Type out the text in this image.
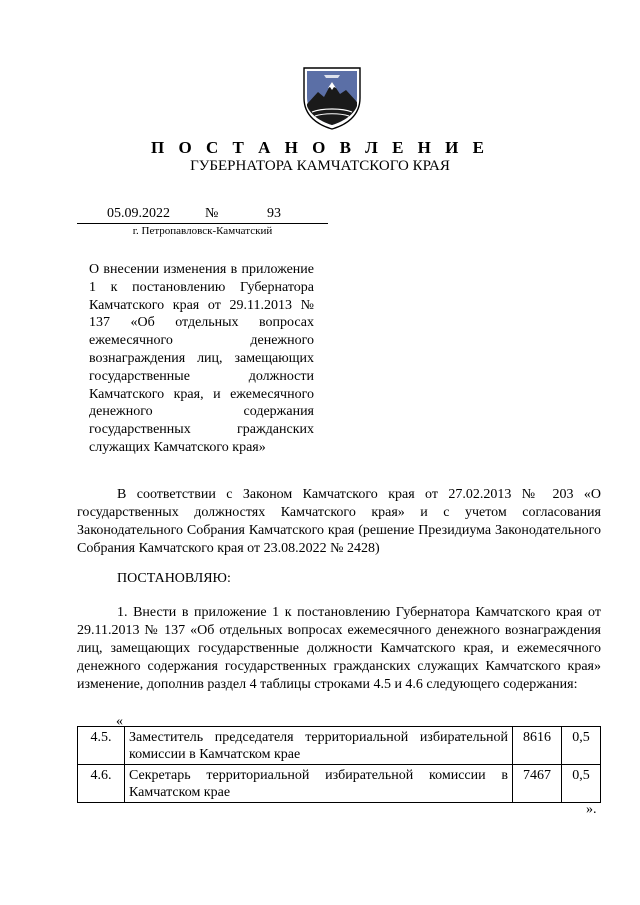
П О С Т А Н О В Л Е Н И Е
ГУБЕРНАТОРА КАМЧАТСКОГО КРАЯ
05.09.2022	№	93
г. Петропавловск-Камчатский
О внесении изменения в приложение 1 к постановлению Губернатора Камчатского края от 29.11.2013 № 137 «Об отдельных вопросах ежемесячного денежного вознаграждения лиц, замещающих государственные должности Камчатского края, и ежемесячного денежного содержания государственных гражданских служащих Камчатского края»
В соответствии с Законом Камчатского края от 27.02.2013 № 203 «О государственных должностях Камчатского края» и с учетом согласования Законодательного Собрания Камчатского края (решение Президиума Законодательного Собрания Камчатского края от 23.08.2022 № 2428)
ПОСТАНОВЛЯЮ:
1. Внести в приложение 1 к постановлению Губернатора Камчатского края от 29.11.2013 № 137 «Об отдельных вопросах ежемесячного денежного вознаграждения лиц, замещающих государственные должности Камчатского края, и ежемесячного денежного содержания государственных гражданских служащих Камчатского края» изменение, дополнив раздел 4 таблицы строками 4.5 и 4.6 следующего содержания:
«
4.5.	Заместитель председателя территориальной избирательной комиссии в Камчатском крае	8616	0,5
4.6.	Секретарь территориальной избирательной комиссии в Камчатском крае	7467	0,5
».
